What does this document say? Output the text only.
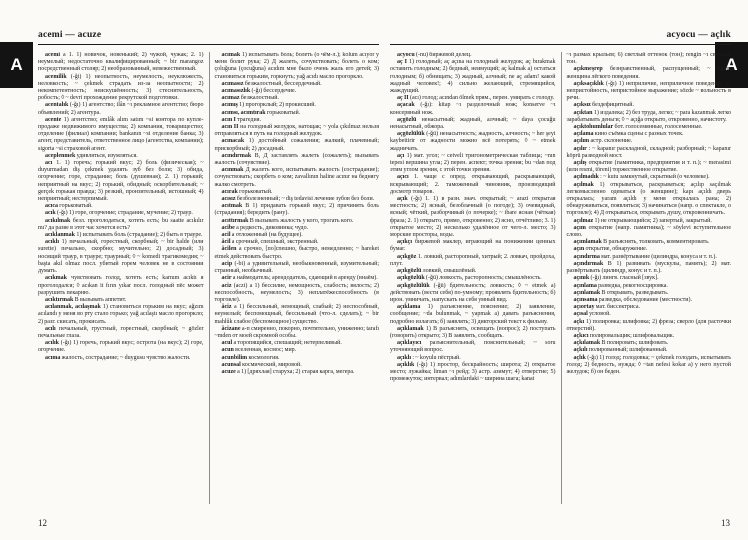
A	A
acemi — acuze

acemi а 1. 1) новичок, новенький; 2) чужой, чужак; 2. 1) неумелый; недостаточно квалифицированный; ~ bir marangoz посредственный столяр; 2) необразованный, невежественный.

acemilik (-ği) 1) неопытность, неумелость, неуклюжесть, неловкость; ~ çekmek страдать из-за неопытности; 2) некомпетентность; неискушённость; 3) стеснительность, робость; ◊ ~ devri прохождение рекрутской подготовки.

acentalık (-ğı) 1) агентство; ilân ~ı рекламное агентство; бюро объявлений; 2) агентура.

acente 1) агентство; emlâk alım satım ~si контора по купле-продаже недвижимого имущества; 2) компания, товарищество; отделение (филиал) компании; bankanın ~si отделение банка; 3) агент, представитель, ответственное лицо (агентства, компании); sigorta ~si страховой агент.

aceplenmek удивляться, изумляться.

acı 1. 1) горечь; горький вкус; 2) боль (физическая); ~ duyurmadan diş çekmek удалять зуб без боли; 3) обида, огорчение; горе, страдание; боль (душевная); 2. 1) горький; неприятный на вкус; 2) горький, обидный; оскорбительный; ~ gerçek горькая правда; 3) резкий, пронзительный, истошный; 4) неприятный; нестерпимый.

acıca горьковатый.

acık (-ğı) 1) горе, огорчение; страдание, мучение; 2) траур.

acıkılmak безл. проголодаться, хотеть есть; bu saatte acıkılır mı? да разве в этот час хочется есть?

acıklanmak 1) испытывать боль (страдание); 2) быть в трауре.

acıklı 1) печальный, горестный, скорбный; ~ bir halde (или surette) печально, скорбно; мучительно; 2) досадный; 3) носящий траур, в трауре; траурный; ◊ ~ komedi трагикомедия; ~ başta akıl olmaz посл. убитый горем человек не в состоянии думать.

acıkmak чувствовать голод, хотеть есть; karnım acıktı я проголодался; ◊ acıkan it fırın yıkar посл. голодный пёс может разрушить пекарню.

acıktırmak В вызывать аппетит.

acılanmak, acılaşmak 1) становиться горьким на вкус; ağzım acılandı у меня во рту стало горько; yağ acılaştı масло прогоркло; 2) разг. скисать, прокисать.

acılı печальный, грустный, горестный, скорбный; ~ gözler печальные глаза.

acılık (-ğı) 1) горечь, горький вкус; острота (на вкус); 2) горе, огорчение.

acıma жалость, сострадание; ~ duygusu чувство жалости.

acımak 1) испытывать боль; болеть (о чём-л.); kolum acıyor у меня болит рука; 2) Д жалеть, сочувствовать; болеть о ком; çoluğuna (çocuğuna) acıdım мне было очень жаль его детей; 3) становиться горьким, горкнуть; yağ acıdı масло прогоркло.

acımasız безжалостный, бессердечный.

acımasızlık (-ğı) бессердечие.

acımaz безжалостный.

acımış 1) прогорклый; 2) прокисший.

acımsı, acımtırak горьковатый.

acın I трагедия.

acın II на голодный желудок, натощак; ~ yola çıkılmaz нельзя отправляться в путь на голодный желудок.

acınacak 1) достойный сожаления; жалкий, плачевный; прискорбный; 2) досадный.

acındırmak В, Д заставлять жалеть (сожалеть); вызывать жалость (сочувствие).

acınmak Д жалеть кого, испытывать жалость (сострадание); сочувствовать; скорбеть о ком; zavallının haline acınır на беднягу жалко смотреть.

acırak горьковатый.

acısız безболезненный; ~ diş tedavisi лечение зубов без боли.

acıtmak В 1) придавать горький вкус; 2) причинять боль (страдания); бередить (рану).

acıttırmak В вызывать жалость у кого, трогать кого.

acibe а редкость, диковинка; чудо.

acil а отложенный (на будущее).

âcil а срочный, спешный, экстренный.

âcilen а срочно, [по]спешно, быстро, немедленно; ~ hareket etmek действовать быстро.

acip (-bi) а удивительный, необыкновенный, изумительный; странный, необычный.

acir а наймодатель; арендодатель, сдающий в аренду (внаём).

aciz (aczi) а 1) бессилие, немощность, слабость; вялость; 2) неспособность, неумелость; 3) неплатёжеспособность (в торговле).

âciz а 1) бессильный, немощный, слабый; 2) неспособный, неумелый; беспомощный, бессильный (что-л. сделать); ~ bir mahlûk слабое (беспомощное) существо.

âcizane а-п смиренно, покорно, почтительно, униженно; tarafı ~mden от моей скромной особы.

acul а торопящийся, спешащий; нетерпеливый.

acun вселенная, космос; мир.

acunbilim космология.

acunsal космический, мировой.

acuze а 1) [дряхлая] старуха; 2) старая карга, мегера.

acyocu — açlık

acyocu (-nu) биржевой делец.

aç I 1) голодный; aç açına на голодный желудок; aç bırakmak оставить голодным; 2) бедный, неимущий; aç kalmak а) остаться голодным; б) обнищать; 3) жадный, алчный; ne aç adam! какой жадный человек!; 4) сильно желающий, стремящийся, жаждущий.

aç II (acı) голод; acından ölmek прям., перен. умирать с голоду.

açacak (-ğı): kitap ~ı разделочный нож; konserve ~ı консервный нож.

açgözlü ненасытный; жадный, алчный; ~ daya çocuğu ненасытный, обжора.

açgözlülük (-ğü) ненасытность; жадность, алчность; ~ her şeyi kaybettirir от жадности можно всё потерять; ◊ ~ etmek жадничать.

açı 1) мат. угол; ~ cetveli тригонометрическая таблица; ~nın tepesi вершина угла; 2) перен. аспект; точка зрения; bu ~dan под этим углом зрения, с этой точки зрения.

açıcı 1. чаще с опред. открывающий, раскрывающий, вскрывающий; 2. таможенный чиновник, производящий досмотр товаров.

açık (-ğı) 1. 1) в разн. знач. открытый; ~ arazi открытая местность; 2) ясный, безоблачный (о погоде); 3) очевидный, ясный; чёткий, разборчивый (о почерке); ~ ibare ясная (чёткая) фраза; 2. 1) открыто, прямо, откровенно; 2) ясно, отчётливо; 3. 1) открытое место; 2) несколько удалённое от чего-л. место; 3) морские просторы, воды.

açıkçı биржевой маклер, играющий на понижении ценных бумаг.

açıkgöz 1. ловкий, расторопный, хитрый; 2. ловкач, пройдоха, плут.

açıkgözlü ловкий, смышлёный.

açıkgözlük (-ğü) ловкость, расторопность; смышлёность.

açıkgözlülük (-ğü) бдительность; ловкость; ◊ ~ etmek а) действовать (вести себя) по-умному; проявлять бдительность; б) ирон. умничать, напускать на себя умный вид.

açıklama 1) разъяснение, пояснение; 2) заявление, сообщение; ~da bulunmak, ~ yapmak а) давать разъяснения, подробно излагать; б) заявлять; 3) дикторский текст к фильму.

açıklamak 1) В разъяснять, освещать (вопрос); 2) поступать (говорить) открыто; 3) В заявлять, сообщать.

açıklayıcı разъяснительный, пояснительный; ~ soru уточняющий вопрос.

açıklı : ~ koyulu пёстрый.

açıklık (-ğı) 1) простор, бескрайность; широта; 2) открытое место; лужайка; liman ~ı рейд; 3) астр. азимут; 4) отверстие; 5) промежуток; интервал; adımlardaki ~ ширина шага; kanat

~ı размах крыльев; 6) светлый оттенок (тон); rengin ~ı светлый тон.

açıkmeşrep безнравственный, распущенный; ~ kadın женщина лёгкого поведения.

açıksaçıklık (-ğı) 1) неприличие, неприличное поведение; 2) непристойность, непристойное выражение; sözde ~ вольность в речи.

açıksız бездефицитный.

açıktan 1) издалека; 2) без труда, легко; ~ para kazanmak легко зарабатывать деньги; ◊ ~ açığa открыто, откровенно, начистоту.

açıktohumlular бот. голосемянные, голосеменные.

açılama кино съёмка сцены с разных точек.

açılım астр. склонение.

açılır : ~ kapanır раскладной, складной; разборный; ~ kapanır köprü разводной мост.

açılış открытие (памятника, предприятия и т. п.); ~ merasimi (или resmi, töreni) торжественное открытие.

açılmadık : ~ kutu замкнутый, скрытный (о человеке).

açılmak 1) открываться, раскрываться; açılıp saçılmak легкомысленно одеваться (о женщине); kapı açıldı дверь открылась; yaram açıldı у меня открылась рана; 2) обнаруживаться, появляться; 3) начинаться (напр. о спектакле, о торговле); 4) Д открываться, открывать душу, откровенничать.

açılmaz 1) не открывающийся; 2) запертый, закрытый.

açım открытие (напр. памятника); ~ söylevi вступительное слово.

açımlamak В разъяснять, толковать, комментировать.

açın открытие, обнаружение.

açındırma мат. развёртывание (цилиндра, конуса и т. п.).

açındırmak В 1) развивать (мускулы, память); 2) мат. развёртывать (цилиндр, конус и т. п.).

açınık (-ğı) лингв. гласный [звук].

açınlama разведка, рекогносцировка.

açınlamak В открывать, разведывать.

açınsama разведка, обследование (местности).

açıortay мат. биссектриса.

açısal угловой.

açkı 1) полировка; шлифовка; 2) фреза; сверло (для расточки отверстий).

açkıcı полировальщик; шлифовальщик.

açkılamak В полировать; шлифовать.

açkılı полированный; шлифованный.

açlık (-ğı) 1) голод; голодовка; ~ çekmek голодать, испытывать голод; 2) бедность, нужда; ◊ ~tan nefesi kokar а) у него пустой желудок; б) он беден.

12	13
